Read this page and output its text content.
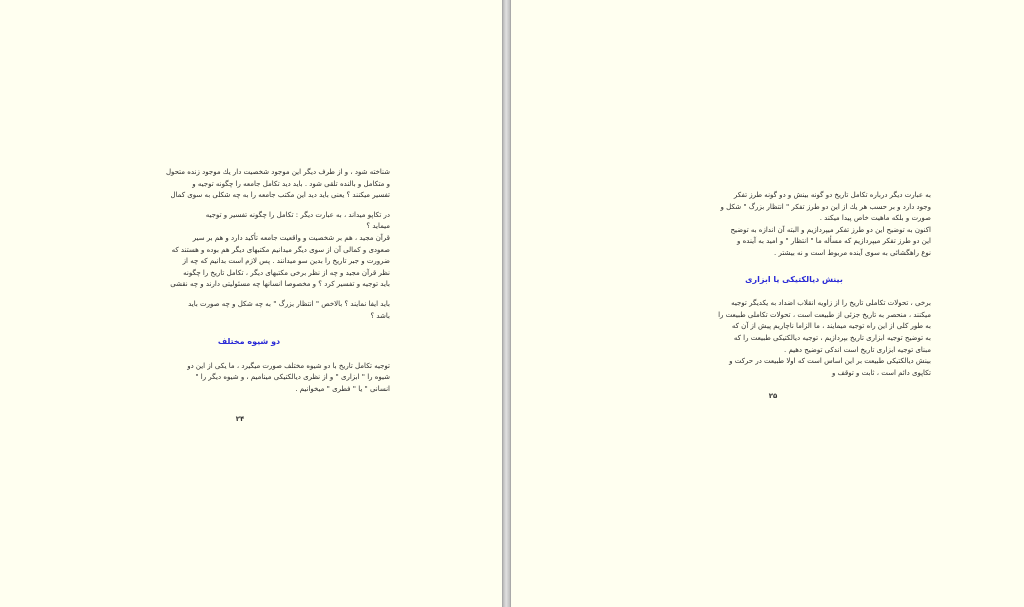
شناخته شود ، و از طرف دیگر این موجود شخصیت دار یك موجود زنده متحول
و متكامل و بالنده تلقی شود . باید دید تكامل جامعه را چگونه توجیه و
تفسیر میكنند ؟ یعنی باید دید این مكتب جامعه را به چه شكلی به سوی كمال

در تكاپو میداند ، به عبارت دیگر : تكامل را چگونه تفسیر و توجیه
میماید ؟
قرآن مجید ، هم بر شخصیت و واقعیت جامعه تأكید دارد و هم بر سیر
صعودی و كمالی آن از سوی دیگر میدانیم مكتبهای دیگر هم بوده و هستند كه
ضرورت و جبر تاریخ را بدین سو میدانند . پس لازم است بدانیم كه چه از
نظر قرآن مجید و چه از نظر برخی مكتبهای دیگر ، تكامل تاریخ را چگونه
باید توجیه و تفسیر كرد ؟ و مخصوصا انسانها چه مسئولیتی دارند و چه نقشی

باید ایفا نمایند ؟ بالاخص " انتظار بزرگ " به چه شكل و چه صورت باید
باشد ؟

دو شیوه مختلف

توجیه تكامل تاریخ با دو شیوه مختلف صورت میگیرد ، ما یكی از این دو
شیوه را " ابزاری " و از نظری دیالكتیكی میناميم ، و شیوه دیگر را "
انسانی " یا " فطری " میخوانیم .

۲۴

به عبارت دیگر درباره تكامل تاریخ دو گونه بینش و دو گونه طرز تفكر
وجود دارد و بر حسب هر یك از این دو طرز تفكر " انتظار بزرگ " شكل و
صورت و بلكه ماهیت خاص پیدا میكند .
اكنون به توضیح این دو طرز تفكر میپردازیم و البته آن اندازه به توضیح
این دو طرز تفكر میپردازیم كه مسأله ما " انتظار " و امید به آینده و
نوع راهگشائی به سوی آینده مربوط است و نه بیشتر .

بینش دیالكتیكی یا ابزاری

برخی ، تحولات تكاملی تاریخ را از زاویه انقلاب اضداد به یكدیگر توجیه
میكنند ، منحصر به تاریخ جزئی از طبیعت است ، تحولات تكاملی طبیعت را
به طور كلی از این راه توجیه میمایند ، ما الزاما ناچاریم پیش از آن كه
به توضیح توجیه ابزاری تاریخ بپردازیم ، توجیه دیالكتیكی طبیعت را كه
مبنای توجیه ابزاری تاریخ است اندكی توضیح دهیم .
بینش دیالكتیكی طبیعت بر این اساس است كه اولا طبیعت در حركت و
تكاپوی دائم است ، ثابت و توقف و

۲۵
